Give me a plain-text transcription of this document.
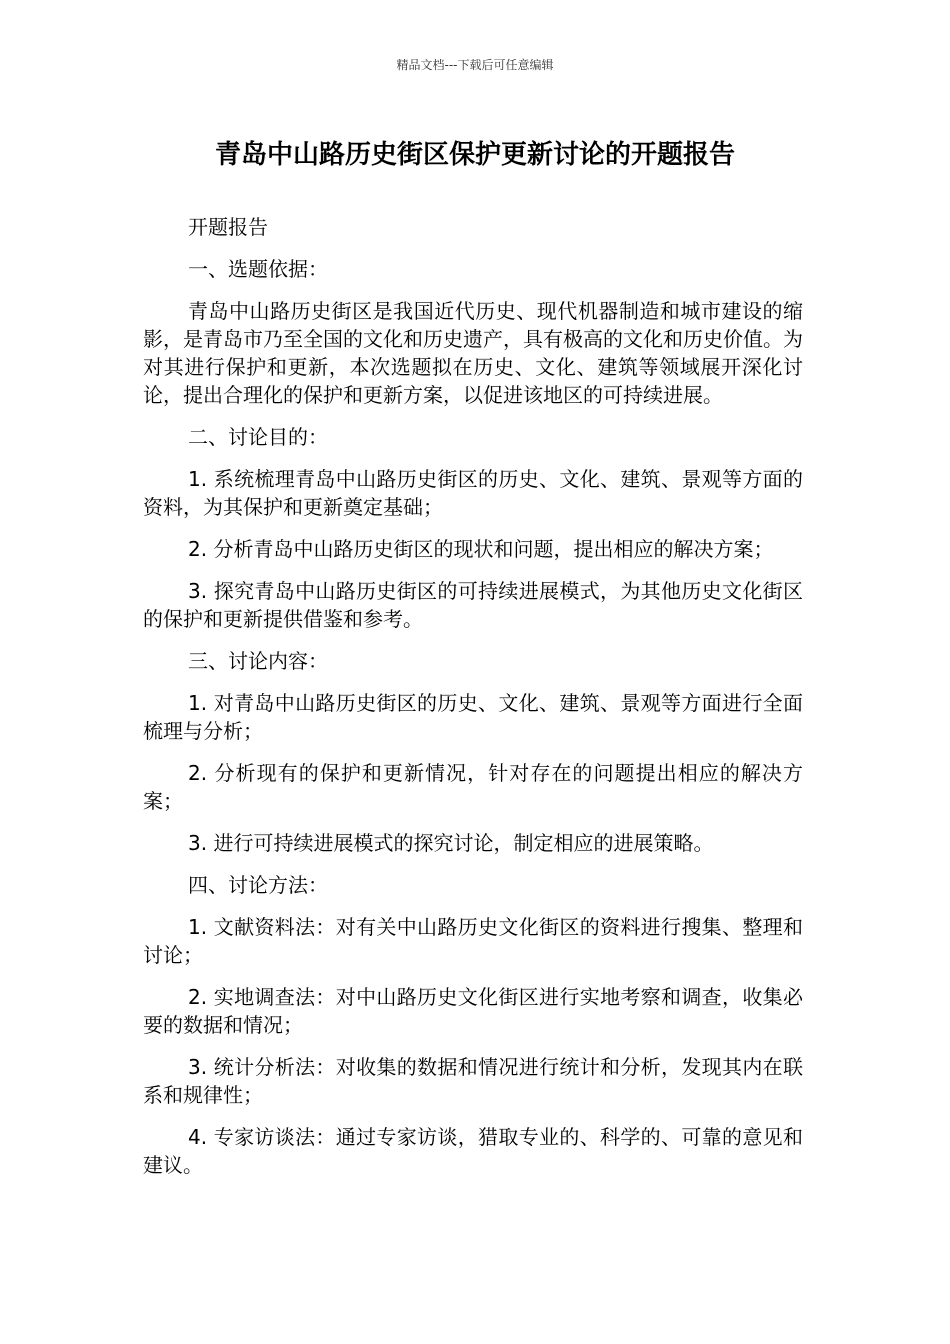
精品文档---下载后可任意编辑
青岛中山路历史街区保护更新讨论的开题报告

开题报告

一、选题依据：

青岛中山路历史街区是我国近代历史、现代机器制造和城市建设的缩影，是青岛市乃至全国的文化和历史遗产，具有极高的文化和历史价值。为对其进行保护和更新，本次选题拟在历史、文化、建筑等领域展开深化讨论，提出合理化的保护和更新方案，以促进该地区的可持续进展。

二、讨论目的：

1. 系统梳理青岛中山路历史街区的历史、文化、建筑、景观等方面的资料，为其保护和更新奠定基础；

2. 分析青岛中山路历史街区的现状和问题，提出相应的解决方案；

3. 探究青岛中山路历史街区的可持续进展模式，为其他历史文化街区的保护和更新提供借鉴和参考。

三、讨论内容：

1. 对青岛中山路历史街区的历史、文化、建筑、景观等方面进行全面梳理与分析；

2. 分析现有的保护和更新情况，针对存在的问题提出相应的解决方案；

3. 进行可持续进展模式的探究讨论，制定相应的进展策略。

四、讨论方法：

1. 文献资料法：对有关中山路历史文化街区的资料进行搜集、整理和讨论；

2. 实地调查法：对中山路历史文化街区进行实地考察和调查，收集必要的数据和情况；

3. 统计分析法：对收集的数据和情况进行统计和分析，发现其内在联系和规律性；

4. 专家访谈法：通过专家访谈，猎取专业的、科学的、可靠的意见和建议。
